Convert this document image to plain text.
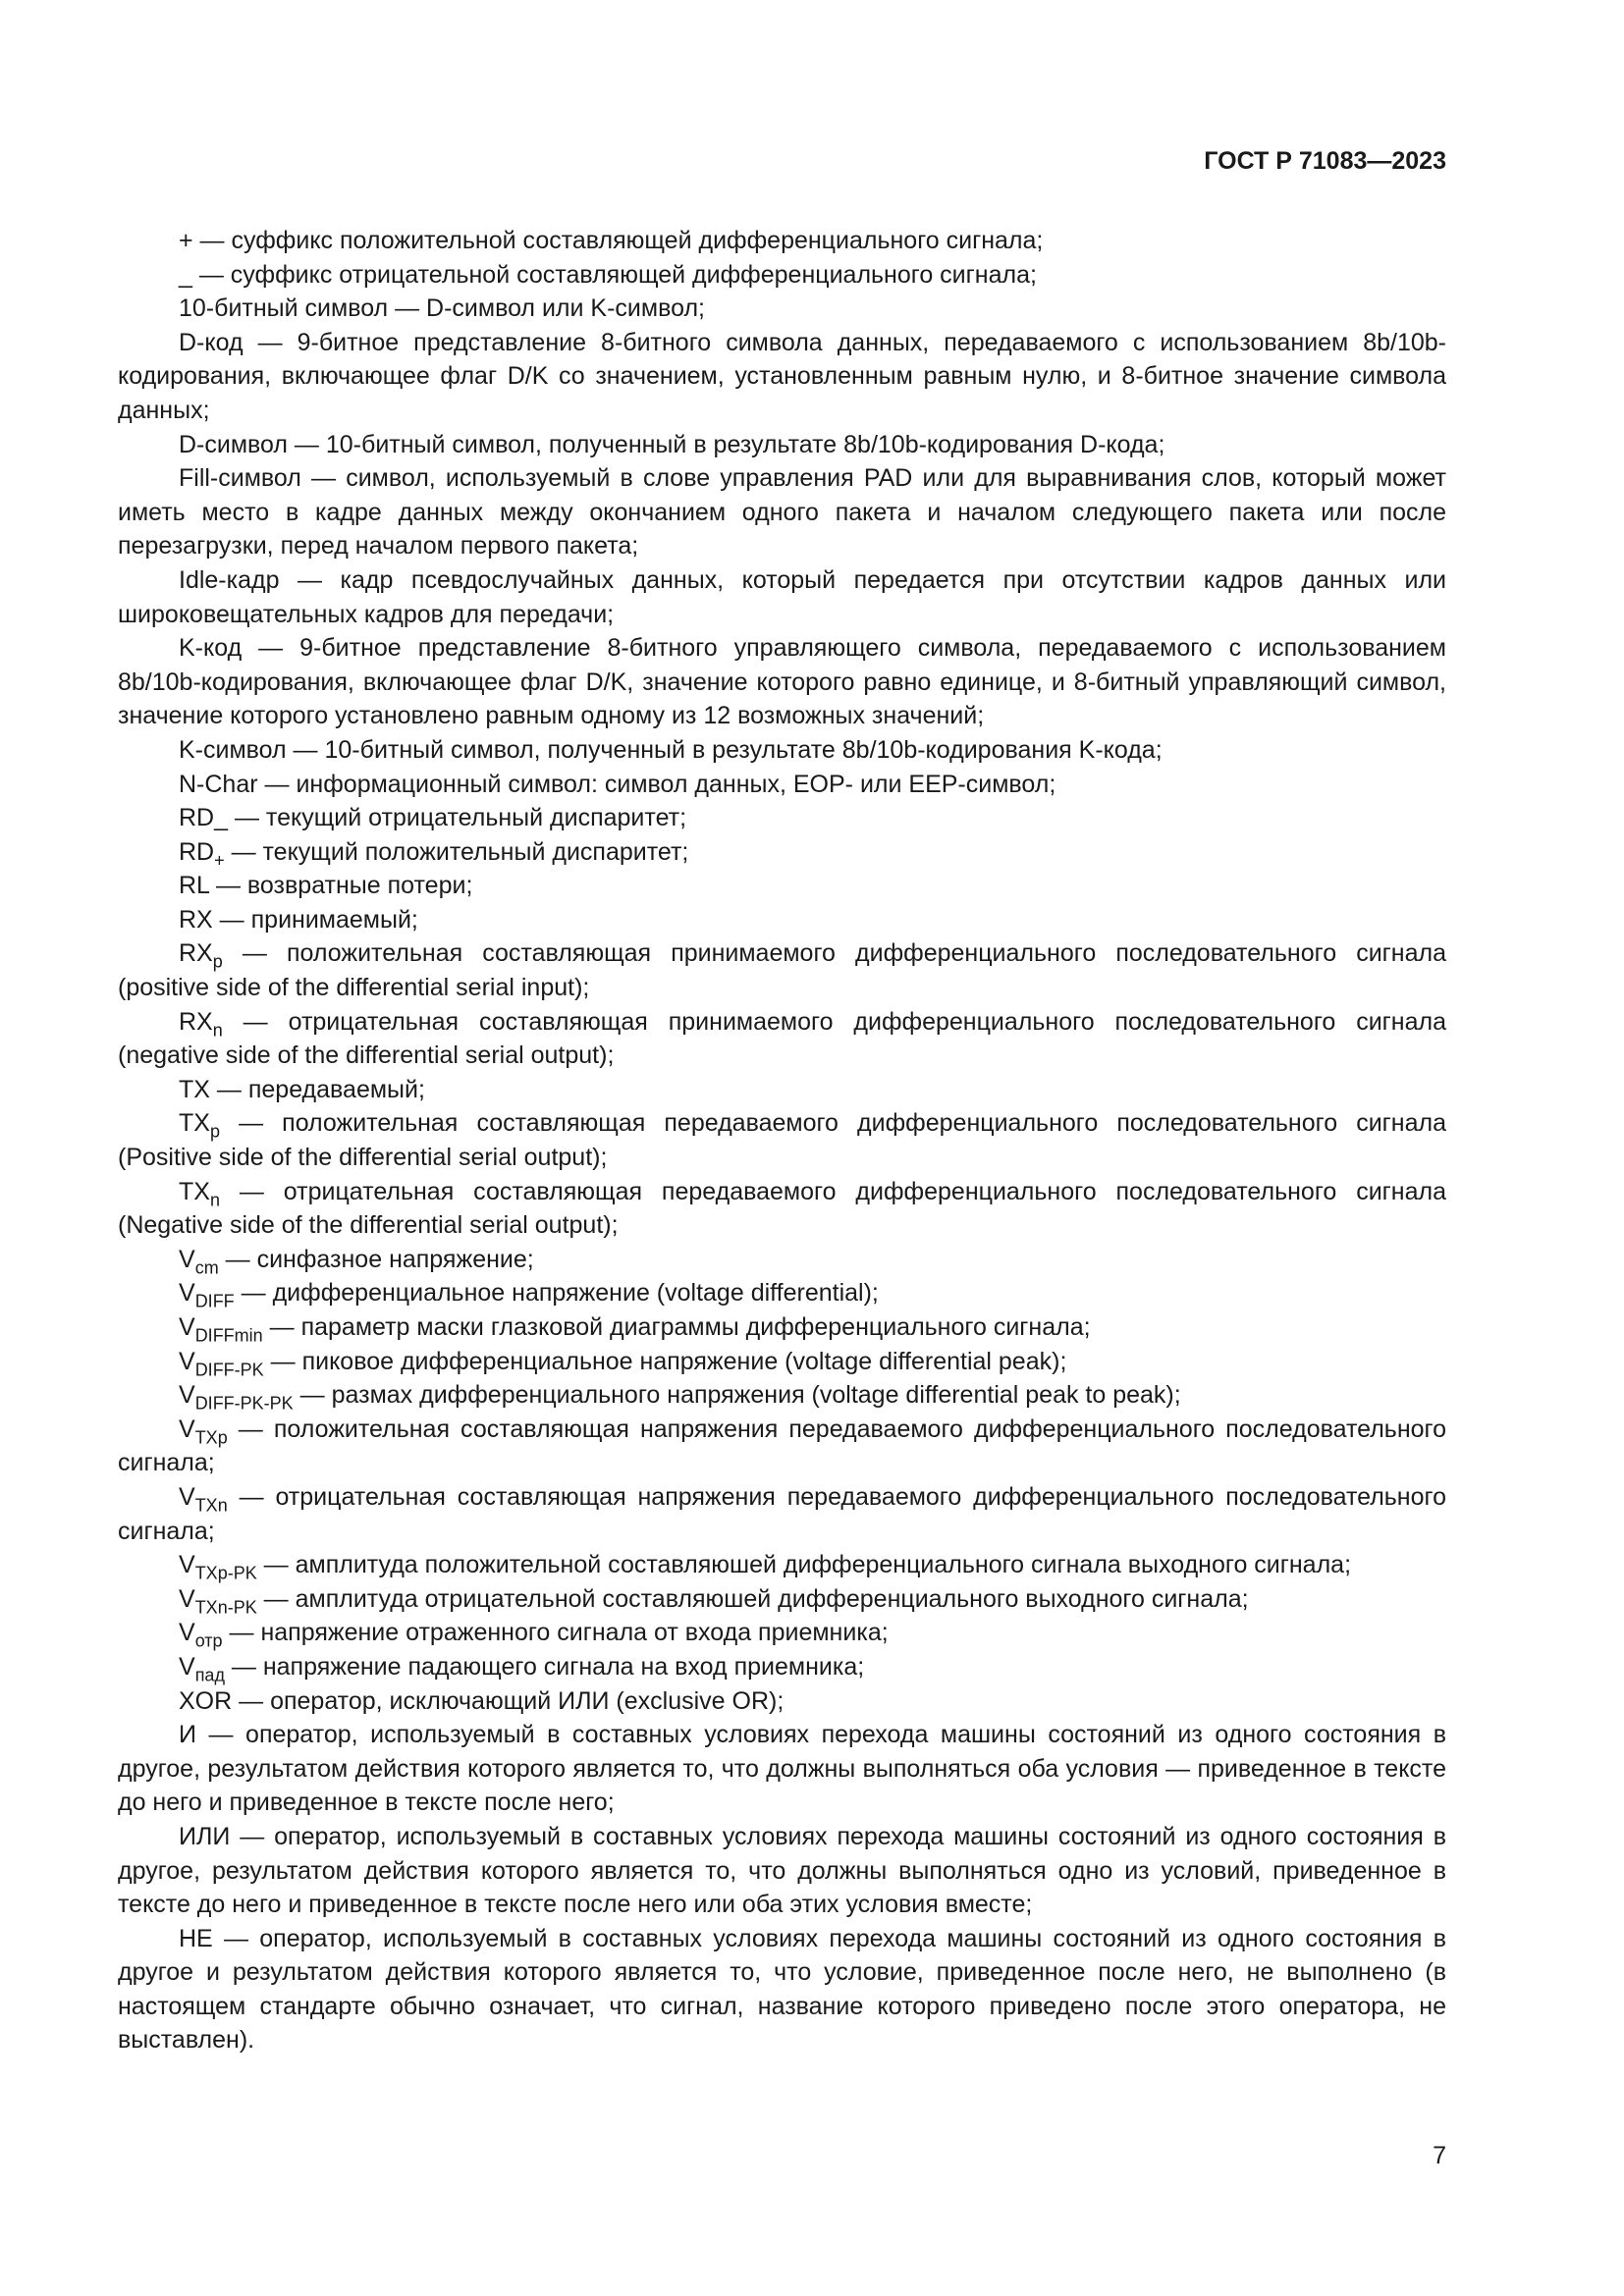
ГОСТ Р 71083—2023

+ — суффикс положительной составляющей дифференциального сигнала;

_ — суффикс отрицательной составляющей дифференциального сигнала;

10-битный символ — D-символ или K-символ;

D-код — 9-битное представление 8-битного символа данных, передаваемого с использованием 8b/10b-кодирования, включающее флаг D/K со значением, установленным равным нулю, и 8-битное значение символа данных;

D-символ — 10-битный символ, полученный в результате 8b/10b-кодирования D-кода;

Fill-символ — символ, используемый в слове управления PAD или для выравнивания слов, который может иметь место в кадре данных между окончанием одного пакета и началом следующего пакета или после перезагрузки, перед началом первого пакета;

Idle-кадр — кадр псевдослучайных данных, который передается при отсутствии кадров данных или широковещательных кадров для передачи;

K-код — 9-битное представление 8-битного управляющего символа, передаваемого с использованием 8b/10b-кодирования, включающее флаг D/K, значение которого равно единице, и 8-битный управляющий символ, значение которого установлено равным одному из 12 возможных значений;

K-символ — 10-битный символ, полученный в результате 8b/10b-кодирования K-кода;

N-Char — информационный символ: символ данных, EOP- или EEP-символ;

RD_ — текущий отрицательный диспаритет;

$RD_+$ — текущий положительный диспаритет;

RL — возвратные потери;

RX — принимаемый;

$RX_p$ — положительная составляющая принимаемого дифференциального последовательного сигнала (positive side of the differential serial input);

$RX_n$ — отрицательная составляющая принимаемого дифференциального последовательного сигнала (negative side of the differential serial output);

TX — передаваемый;

$TX_p$ — положительная составляющая передаваемого дифференциального последовательного сигнала (Positive side of the differential serial output);

$TX_n$ — отрицательная составляющая передаваемого дифференциального последовательного сигнала (Negative side of the differential serial output);

$V_{cm}$ — синфазное напряжение;

$V_{DIFF}$ — дифференциальное напряжение (voltage differential);

$V_{DIFFmin}$ — параметр маски глазковой диаграммы дифференциального сигнала;

$V_{DIFF-PK}$ — пиковое дифференциальное напряжение (voltage differential peak);

$V_{DIFF-PK-PK}$ — размах дифференциального напряжения (voltage differential peak to peak);

$V_{TXp}$ — положительная составляющая напряжения передаваемого дифференциального последовательного сигнала;

$V_{TXn}$ — отрицательная составляющая напряжения передаваемого дифференциального последовательного сигнала;

$V_{TXp-PK}$ — амплитуда положительной составляюшей дифференциального сигнала выходного сигнала;

$V_{TXn-PK}$ — амплитуда отрицательной составляюшей дифференциального выходного сигнала;

$V_{отр}$ — напряжение отраженного сигнала от входа приемника;

$V_{пад}$ — напряжение падающего сигнала на вход приемника;

XOR — оператор, исключающий ИЛИ (exclusive OR);

И — оператор, используемый в составных условиях перехода машины состояний из одного состояния в другое, результатом действия которого является то, что должны выполняться оба условия — приведенное в тексте до него и приведенное в тексте после него;

ИЛИ — оператор, используемый в составных условиях перехода машины состояний из одного состояния в другое, результатом действия которого является то, что должны выполняться одно из условий, приведенное в тексте до него и приведенное в тексте после него или оба этих условия вместе;

НЕ — оператор, используемый в составных условиях перехода машины состояний из одного состояния в другое и результатом действия которого является то, что условие, приведенное после него, не выполнено (в настоящем стандарте обычно означает, что сигнал, название которого приведено после этого оператора, не выставлен).

7
